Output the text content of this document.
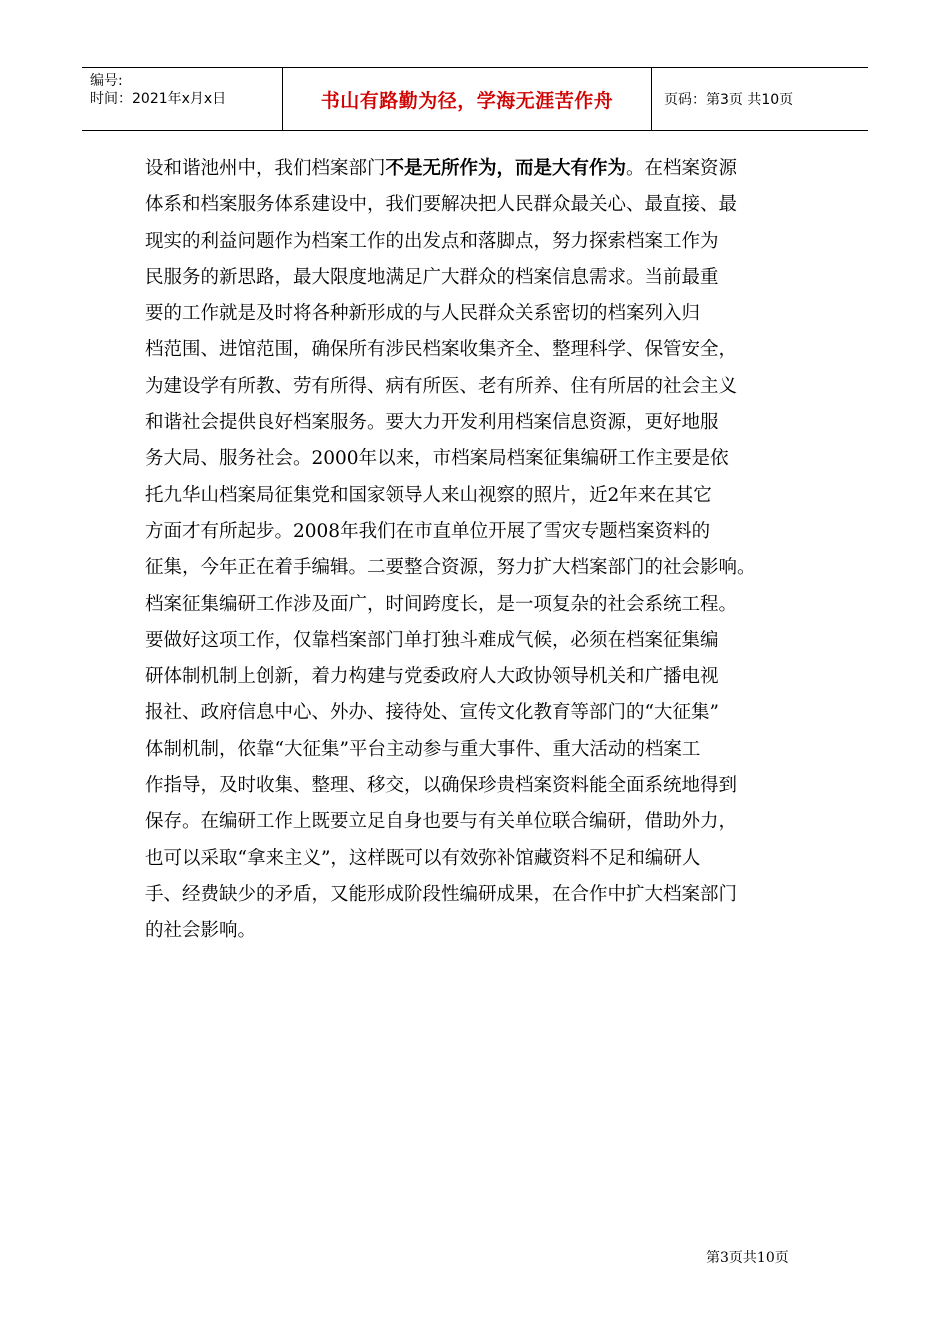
编号:
时间：2021年x月x日	书山有路勤为径，学海无涯苦作舟	页码：第3页 共10页
设和谐池州中，我们档案部门不是无所作为，而是大有作为。在档案资源
体系和档案服务体系建设中，我们要解决把人民群众最关心、最直接、最
现实的利益问题作为档案工作的出发点和落脚点，努力探索档案工作为
民服务的新思路，最大限度地满足广大群众的档案信息需求。当前最重
要的工作就是及时将各种新形成的与人民群众关系密切的档案列入归
档范围、进馆范围，确保所有涉民档案收集齐全、整理科学、保管安全，
为建设学有所教、劳有所得、病有所医、老有所养、住有所居的社会主义
和谐社会提供良好档案服务。要大力开发利用档案信息资源，更好地服
务大局、服务社会。2000年以来，市档案局档案征集编研工作主要是依
托九华山档案局征集党和国家领导人来山视察的照片，近2年来在其它
方面才有所起步。2008年我们在市直单位开展了雪灾专题档案资料的
征集，今年正在着手编辑。二要整合资源，努力扩大档案部门的社会影响。
档案征集编研工作涉及面广，时间跨度长，是一项复杂的社会系统工程。
要做好这项工作，仅靠档案部门单打独斗难成气候，必须在档案征集编
研体制机制上创新，着力构建与党委政府人大政协领导机关和广播电视
报社、政府信息中心、外办、接待处、宣传文化教育等部门的“大征集”
体制机制，依靠“大征集”平台主动参与重大事件、重大活动的档案工
作指导，及时收集、整理、移交，以确保珍贵档案资料能全面系统地得到
保存。在编研工作上既要立足自身也要与有关单位联合编研，借助外力，
也可以采取“拿来主义”，这样既可以有效弥补馆藏资料不足和编研人
手、经费缺少的矛盾，又能形成阶段性编研成果，在合作中扩大档案部门
的社会影响。
第3页共10页
